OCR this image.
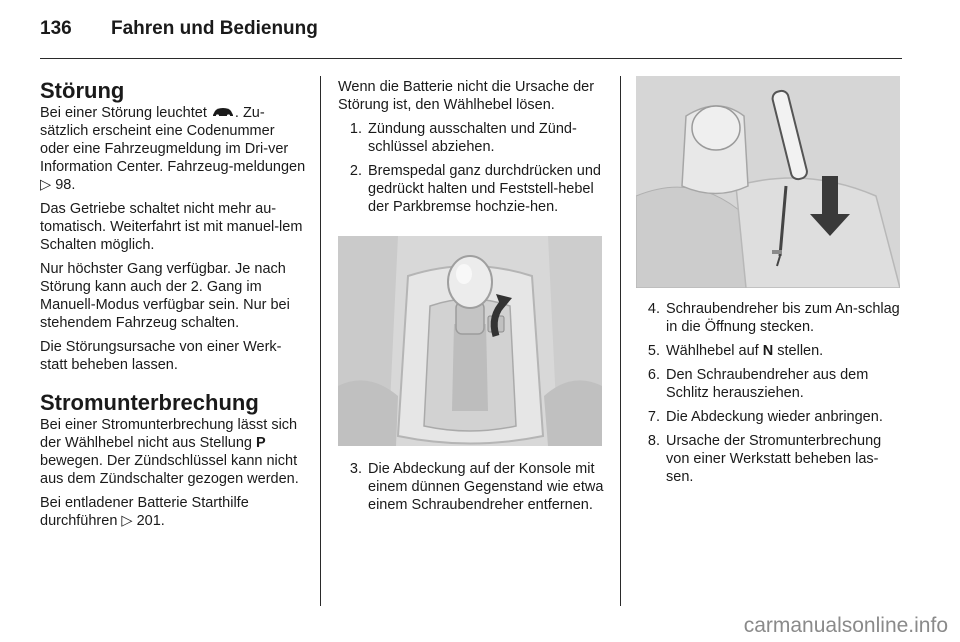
136 Fahren und Bedienung
Störung

Bei einer Störung leuchtet . Zu-sätzlich erscheint eine Codenummer oder eine Fahrzeugmeldung im Dri-ver Information Center. Fahrzeug-meldungen ▷ 98.

Das Getriebe schaltet nicht mehr au-tomatisch. Weiterfahrt ist mit manuel-lem Schalten möglich.

Nur höchster Gang verfügbar. Je nach Störung kann auch der 2. Gang im Manuell-Modus verfügbar sein. Nur bei stehendem Fahrzeug schalten.

Die Störungsursache von einer Werk-statt beheben lassen.

Stromunterbrechung

Bei einer Stromunterbrechung lässt sich der Wählhebel nicht aus Stellung P bewegen. Der Zündschlüssel kann nicht aus dem Zündschalter gezogen werden.

Bei entladener Batterie Starthilfe durchführen ▷ 201.

Wenn die Batterie nicht die Ursache der Störung ist, den Wählhebel lösen.

1. Zündung ausschalten und Zünd-schlüssel abziehen.
2. Bremspedal ganz durchdrücken und gedrückt halten und Feststell-hebel der Parkbremse hochzie-hen.
3. Die Abdeckung auf der Konsole mit einem dünnen Gegenstand wie etwa einem Schraubendreher entfernen.
4. Schraubendreher bis zum An-schlag in die Öffnung stecken.
5. Wählhebel auf N stellen.
6. Den Schraubendreher aus dem Schlitz herausziehen.
7. Die Abdeckung wieder anbringen.
8. Ursache der Stromunterbrechung von einer Werkstatt beheben las-sen.
carmanualsonline.info
